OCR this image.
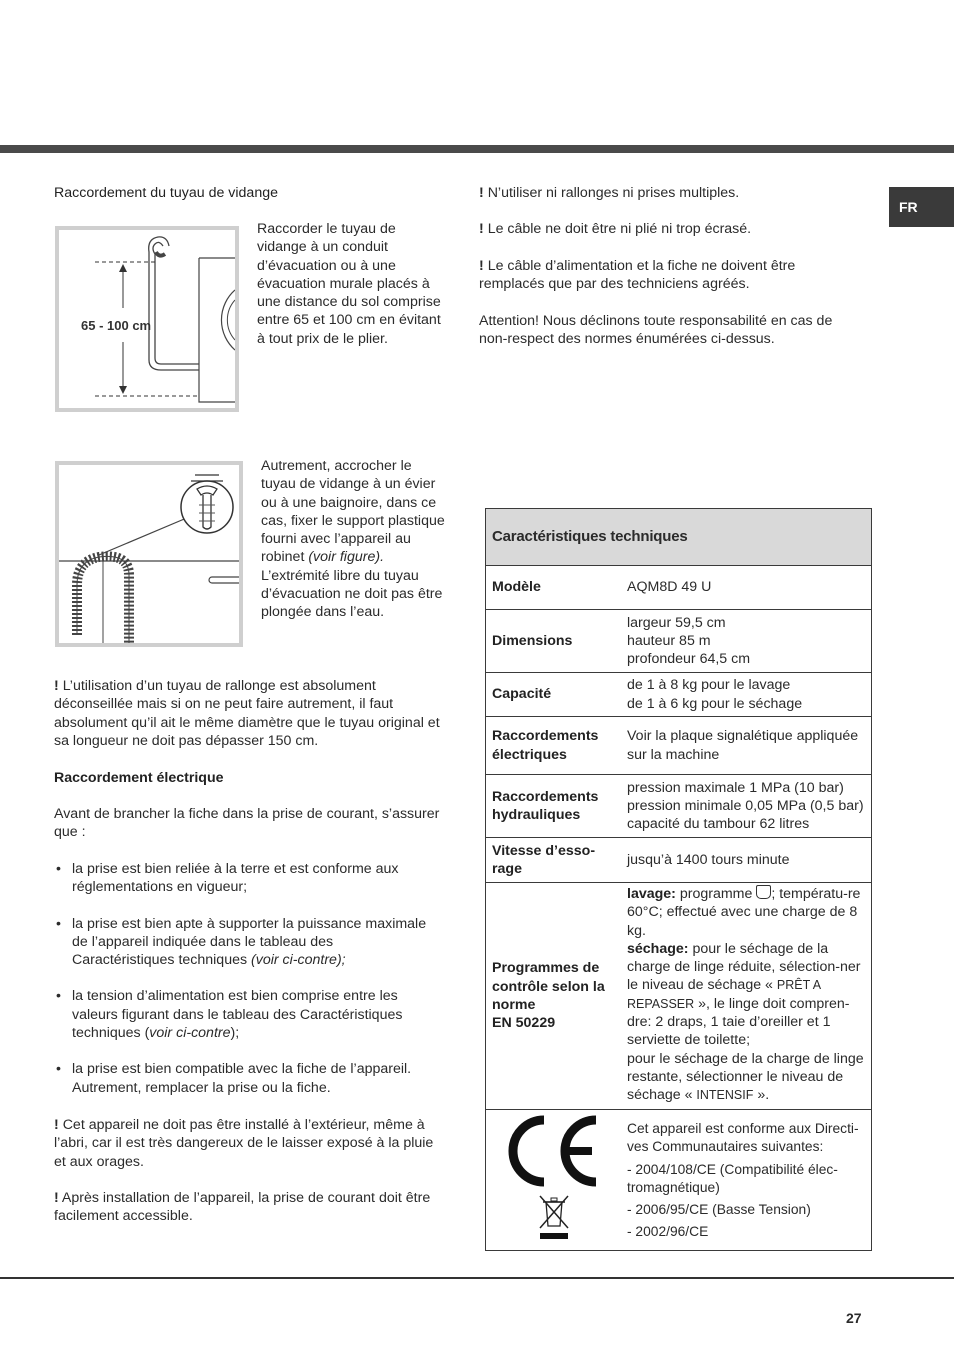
FR
Raccordement du tuyau de vidange
65 - 100 cm

Raccorder le tuyau de vidange à un conduit d’évacuation ou à une évacuation murale placés à une distance du sol comprise entre 65 et 100 cm en évitant à tout prix de le plier.

Autrement, accrocher le tuyau de vidange à un évier ou à une baignoire, dans ce cas, fixer le support plastique fourni avec l’appareil au robinet (voir figure).
L’extrémité libre du tuyau d’évacuation ne doit pas être plongée dans l’eau.

! L’utilisation d’un tuyau de rallonge est absolument déconseillée mais si on ne peut faire autrement, il faut absolument qu’il ait le même diamètre que le tuyau original et sa longueur ne doit pas dépasser 150 cm.

Raccordement électrique

Avant de brancher la fiche dans la prise de courant, s’assurer que :

• la prise est bien reliée à la terre et est conforme aux réglementations en vigueur;
• la prise est bien apte à supporter la puissance maximale de l’appareil indiquée dans le tableau des Caractéristiques techniques (voir ci-contre);
• la tension d’alimentation est bien comprise entre les valeurs figurant dans le tableau des Caractéristiques techniques (voir ci-contre);
• la prise est bien compatible avec la fiche de l’appareil. Autrement, remplacer la prise ou la fiche.

! Cet appareil ne doit pas être installé à l’extérieur, même à l’abri, car il est très dangereux de le laisser exposé à la pluie et aux orages.

! Après installation de l’appareil, la prise de courant doit être facilement accessible.

! N’utiliser ni rallonges ni prises multiples.

! Le câble ne doit être ni plié ni trop écrasé.

! Le câble d’alimentation et la fiche ne doivent être remplacés que par des techniciens agréés.

Attention! Nous déclinons toute responsabilité en cas de non-respect des normes énumérées ci-dessus.

Caractéristiques techniques
Modèle	AQM8D 49 U
Dimensions
largeur 59,5 cm
hauteur 85 m
profondeur 64,5 cm
Capacité
de 1 à 8 kg pour le lavage
de 1 à 6 kg pour le séchage
Raccordements électriques
Voir la plaque signalétique appliquée sur la machine
Raccordements hydrauliques
pression maximale 1 MPa (10 bar) pression minimale 0,05 MPa (0,5 bar) capacité du tambour 62 litres
Vitesse d’esso-rage
jusqu’à 1400 tours minute
Programmes de contrôle selon la norme
EN 50229
lavage: programme ; températu-re 60°C; effectué avec une charge de 8 kg.
séchage: pour le séchage de la charge de linge réduite, sélection-ner le niveau de séchage « PRÊT A REPASSER », le linge doit compren-dre: 2 draps, 1 taie d’oreiller et 1 serviette de toilette;
pour le séchage de la charge de linge restante, sélectionner le niveau de séchage « INTENSIF ».
Cet appareil est conforme aux Directi-ves Communautaires suivantes:
- 2004/108/CE (Compatibilité élec-tromagnétique)
- 2006/95/CE (Basse Tension)
- 2002/96/CE
27
